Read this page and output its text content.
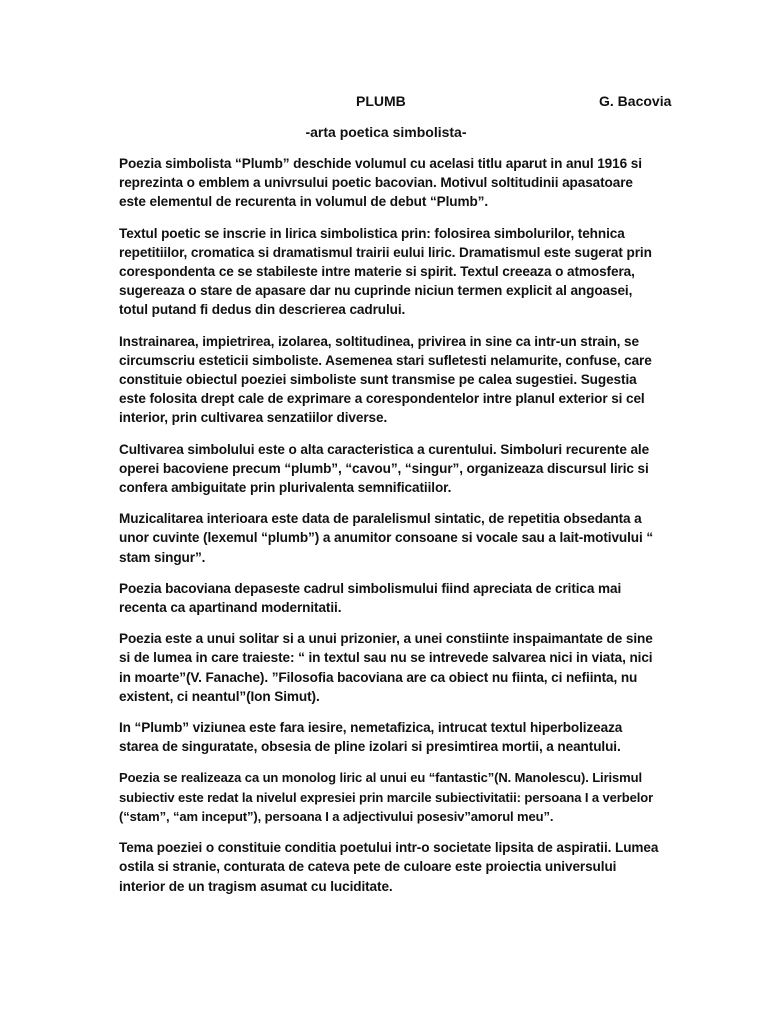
PLUMB	G. Bacovia
-arta poetica simbolista-

Poezia simbolista “Plumb” deschide volumul cu acelasi titlu aparut in anul 1916 si reprezinta o emblem a univrsului poetic bacovian. Motivul soltitudinii apasatoare este elementul de recurenta in volumul de debut “Plumb”.

Textul poetic se inscrie in lirica simbolistica prin: folosirea simbolurilor, tehnica repetitiilor, cromatica si dramatismul trairii eului liric. Dramatismul este sugerat prin corespondenta ce se stabileste intre materie si spirit. Textul creeaza o atmosfera, sugereaza o stare de apasare dar nu cuprinde niciun termen explicit al angoasei, totul putand fi dedus din descrierea cadrului.

Instrainarea, impietrirea, izolarea, soltitudinea, privirea in sine ca intr-un strain, se circumscriu esteticii simboliste. Asemenea stari sufletesti nelamurite, confuse, care constituie obiectul poeziei simboliste sunt transmise pe calea sugestiei. Sugestia este folosita drept cale de exprimare a corespondentelor intre planul exterior si cel interior, prin cultivarea senzatiilor diverse.

Cultivarea simbolului este o alta caracteristica a curentului. Simboluri recurente ale operei bacoviene precum “plumb”, “cavou”, “singur”, organizeaza discursul liric si confera ambiguitate prin plurivalenta semnificatiilor.

Muzicalitarea interioara este data de paralelismul sintatic, de repetitia obsedanta a unor cuvinte (lexemul “plumb”) a anumitor consoane si vocale sau a lait-motivului “ stam singur”.

Poezia bacoviana depaseste cadrul simbolismului fiind apreciata de critica mai recenta ca apartinand modernitatii.

Poezia este a unui solitar si a unui prizonier, a unei constiinte inspaimantate de sine si de lumea in care traieste: “ in textul sau nu se intrevede salvarea nici in viata, nici in moarte”(V. Fanache). ”Filosofia bacoviana are ca obiect nu fiinta, ci nefiinta, nu existent, ci neantul”(Ion Simut).

In “Plumb” viziunea este fara iesire, nemetafizica, intrucat textul hiperbolizeaza starea de singuratate, obsesia de pline izolari si presimtirea mortii, a neantului.

Poezia se realizeaza ca un monolog liric al unui eu “fantastic”(N. Manolescu). Lirismul subiectiv este redat la nivelul expresiei prin marcile subiectivitatii: persoana I a verbelor (“stam”, “am inceput”), persoana I a adjectivului posesiv”amorul meu”.

Tema poeziei o constituie conditia poetului intr-o societate lipsita de aspiratii. Lumea ostila si stranie, conturata de cateva pete de culoare este proiectia universului interior de un tragism asumat cu luciditate.
